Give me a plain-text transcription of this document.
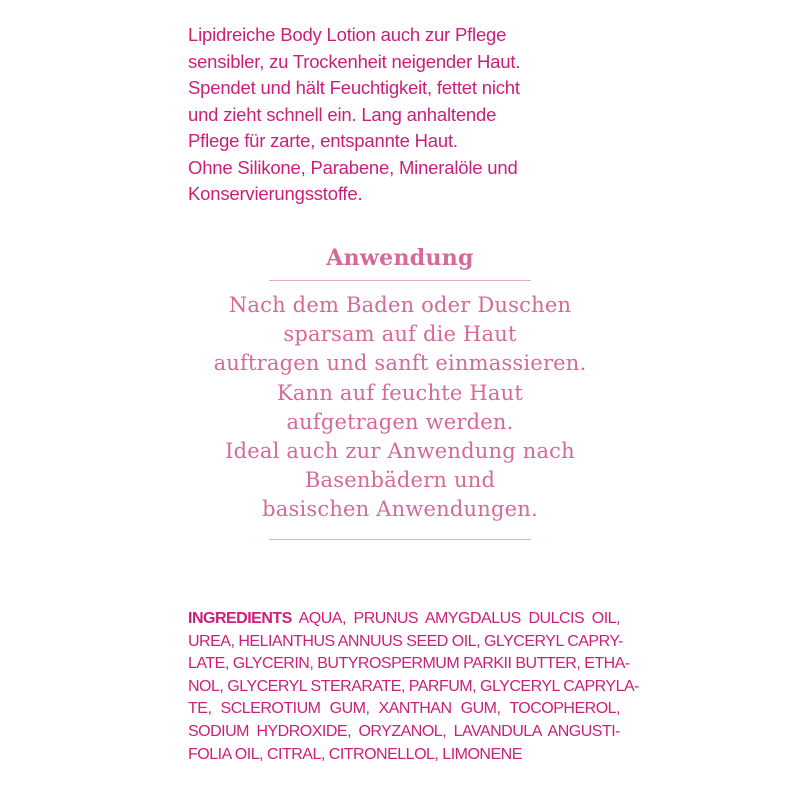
Lipidreiche Body Lotion auch zur Pflege
sensibler, zu Trockenheit neigender Haut.
Spendet und hält Feuchtigkeit, fettet nicht
und zieht schnell ein. Lang anhaltende
Pflege für zarte, entspannte Haut.
Ohne Silikone, Parabene, Mineralöle und
Konservierungsstoffe.
Anwendung
Nach dem Baden oder Duschen
sparsam auf die Haut
auftragen und sanft einmassieren.
Kann auf feuchte Haut
aufgetragen werden.
Ideal auch zur Anwendung nach
Basenbädern und
basischen Anwendungen.
INGREDIENTS AQUA, PRUNUS AMYGDALUS DULCIS OIL,
UREA, HELIANTHUS ANNUUS SEED OIL, GLYCERYL CAPRY-
LATE, GLYCERIN, BUTYROSPERMUM PARKII BUTTER, ETHA-
NOL, GLYCERYL STERARATE, PARFUM, GLYCERYL CAPRYLA-
TE, SCLEROTIUM GUM, XANTHAN GUM, TOCOPHEROL,
SODIUM HYDROXIDE, ORYZANOL, LAVANDULA ANGUSTI-
FOLIA OIL, CITRAL, CITRONELLOL, LIMONENE
